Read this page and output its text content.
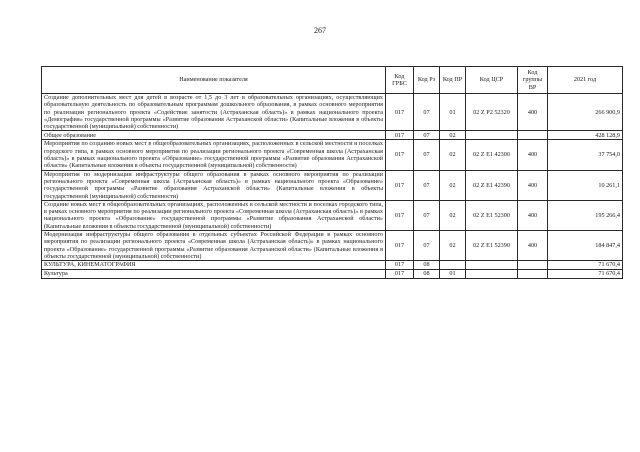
267
Наименование показателя	Код ГРБС	Код Рз	Код ПР	Код ЦСР	Код группы ВР	2021 год
Создание дополнительных мест для детей в возрасте от 1,5 до 3 лет в образовательных организациях, осуществляющих образовательную деятельность по образовательным программам дошкольного образования, в рамках основного мероприятия по реализации регионального проекта «Содействие занятости (Астраханская область)» в рамках национального проекта «Демография» государственной программы «Развитие образования Астраханской области» (Капитальные вложения в объекты государственной (муниципальной) собственности)	017	07	01	02 Z P2 52320	400	266 900,9
Общее образование	017	07	02			428 128,9
Мероприятия по созданию новых мест в общеобразовательных организациях, расположенных в сельской местности и поселках городского типа, в рамках основного мероприятия по реализации регионального проекта «Современная школа (Астраханская область)» в рамках национального проекта «Образование» государственной программы «Развитие образования Астраханской области» (Капитальные вложения в объекты государственной (муниципальной) собственности)	017	07	02	02 Z E1 42300	400	37 754,0
Мероприятия по модернизации инфраструктуры общего образования в рамках основного мероприятия по реализации регионального проекта «Современная школа (Астраханская область)» в рамках национального проекта «Образование» государственной программы «Развитие образования Астраханской области» (Капитальные вложения в объекты государственной (муниципальной) собственности)	017	07	02	02 Z E1 42390	400	10 261,1
Создание новых мест в общеобразовательных организациях, расположенных в сельской местности и поселках городского типа, в рамках основного мероприятия по реализации регионального проекта «Современная школа (Астраханская область)» в рамках национального проекта «Образование» государственной программы «Развитие образования Астраханской области» (Капитальные вложения в объекты государственной (муниципальной) собственности)	017	07	02	02 Z E1 52300	400	195 266,4
Модернизация инфраструктуры общего образования в отдельных субъектах Российской Федерации в рамках основного мероприятия по реализации регионального проекта «Современная школа (Астраханская область)» в рамках национального проекта «Образование» государственной программы «Развитие образования Астраханской области» (Капитальные вложения в объекты государственной (муниципальной) собственности)	017	07	02	02 Z E1 52390	400	184 847,4
КУЛЬТУРА, КИНЕМАТОГРАФИЯ	017	08				71 670,4
Культура	017	08	01			71 670,4
